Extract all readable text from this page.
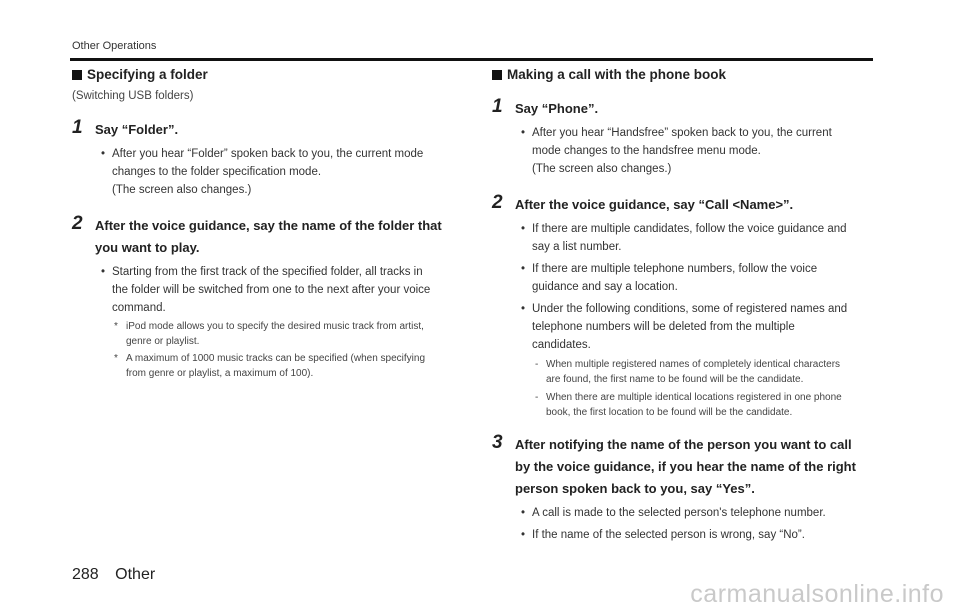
Other Operations
Specifying a folder
(Switching USB folders)
1 Say “Folder”.
• After you hear “Folder” spoken back to you, the current mode
changes to the folder specification mode.
(The screen also changes.)
2 After the voice guidance, say the name of the folder that
you want to play.
• Starting from the first track of the specified folder, all tracks in
the folder will be switched from one to the next after your voice
command.
* iPod mode allows you to specify the desired music track from artist,
genre or playlist.
* A maximum of 1000 music tracks can be specified (when specifying
from genre or playlist, a maximum of 100).
Making a call with the phone book
1 Say “Phone”.
• After you hear “Handsfree” spoken back to you, the current
mode changes to the handsfree menu mode.
(The screen also changes.)
2 After the voice guidance, say “Call <Name>”.
• If there are multiple candidates, follow the voice guidance and
say a list number.
• If there are multiple telephone numbers, follow the voice
guidance and say a location.
• Under the following conditions, some of registered names and
telephone numbers will be deleted from the multiple
candidates.
- When multiple registered names of completely identical characters
are found, the first name to be found will be the candidate.
- When there are multiple identical locations registered in one phone
book, the first location to be found will be the candidate.
3 After notifying the name of the person you want to call
by the voice guidance, if you hear the name of the right
person spoken back to you, say “Yes”.
• A call is made to the selected person's telephone number.
• If the name of the selected person is wrong, say “No”.
288 Other
carmanualsonline.info
